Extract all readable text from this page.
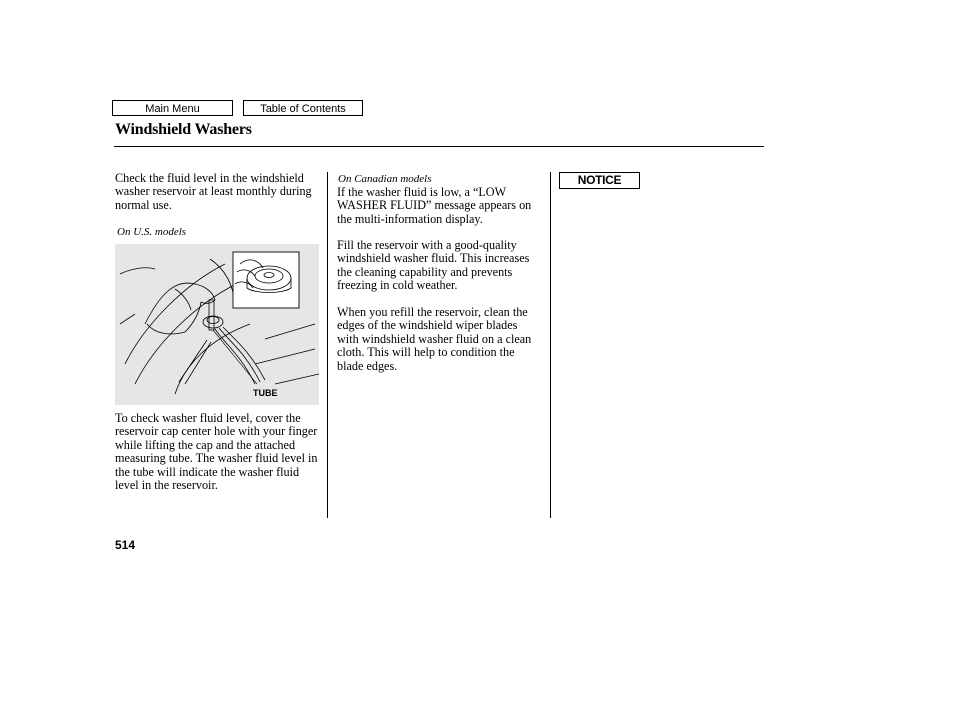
Main Menu	Table of Contents
Windshield Washers

Check the fluid level in the windshield washer reservoir at least monthly during normal use.

On U.S. models
TUBE

To check washer fluid level, cover the reservoir cap center hole with your finger while lifting the cap and the attached measuring tube. The washer fluid level in the tube will indicate the washer fluid level in the reservoir.

On Canadian models

If the washer fluid is low, a “LOW WASHER FLUID” message appears on the multi-information display.

Fill the reservoir with a good-quality windshield washer fluid. This increases the cleaning capability and prevents freezing in cold weather.

When you refill the reservoir, clean the edges of the windshield wiper blades with windshield washer fluid on a clean cloth. This will help to condition the blade edges.

NOTICE
514
